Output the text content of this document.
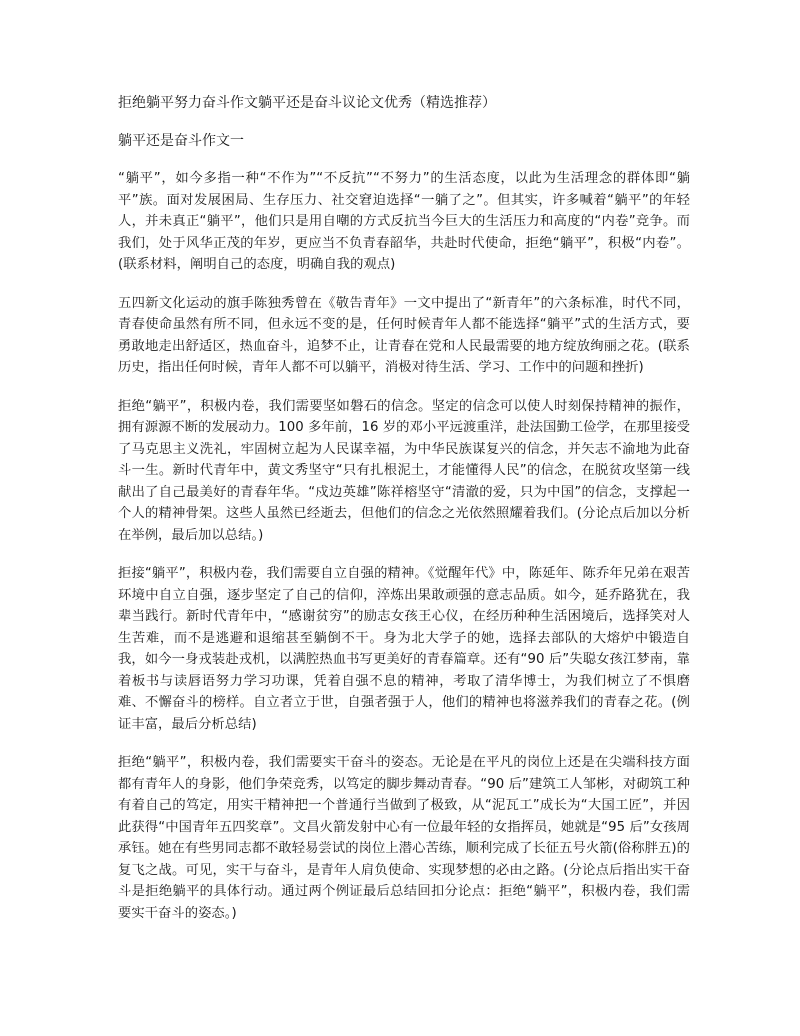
拒绝躺平努力奋斗作文躺平还是奋斗议论文优秀（精选推荐）
躺平还是奋斗作文一

“躺平”，如今多指一种“不作为”“不反抗”“不努力”的生活态度，以此为生活理念的群体即“躺平”族。面对发展困局、生存压力、社交窘迫选择“一躺了之”。但其实，许多喊着“躺平”的年轻人，并未真正“躺平”，他们只是用自嘲的方式反抗当今巨大的生活压力和高度的“内卷”竞争。而我们，处于风华正茂的年岁，更应当不负青春韶华，共赴时代使命，拒绝“躺平”，积极“内卷”。(联系材料，阐明自己的态度，明确自我的观点)

五四新文化运动的旗手陈独秀曾在《敬告青年》一文中提出了“新青年”的六条标准，时代不同，青春使命虽然有所不同，但永远不变的是，任何时候青年人都不能选择“躺平”式的生活方式，要勇敢地走出舒适区，热血奋斗，追梦不止，让青春在党和人民最需要的地方绽放绚丽之花。(联系历史，指出任何时候，青年人都不可以躺平，消极对待生活、学习、工作中的问题和挫折)

拒绝“躺平”，积极内卷，我们需要坚如磐石的信念。坚定的信念可以使人时刻保持精神的振作，拥有源源不断的发展动力。100 多年前，16 岁的邓小平远渡重洋，赴法国勤工俭学，在那里接受了马克思主义洗礼，牢固树立起为人民谋幸福，为中华民族谋复兴的信念，并矢志不渝地为此奋斗一生。新时代青年中，黄文秀坚守“只有扎根泥土，才能懂得人民”的信念，在脱贫攻坚第一线献出了自己最美好的青春年华。“戍边英雄”陈祥榕坚守“清澈的爱，只为中国”的信念，支撑起一个人的精神骨架。这些人虽然已经逝去，但他们的信念之光依然照耀着我们。(分论点后加以分析在举例，最后加以总结。)

拒接“躺平”，积极内卷，我们需要自立自强的精神。《觉醒年代》中，陈延年、陈乔年兄弟在艰苦环境中自立自强，逐步坚定了自己的信仰，淬炼出果敢顽强的意志品质。如今，延乔路犹在，我辈当践行。新时代青年中，“感谢贫穷”的励志女孩王心仪，在经历种种生活困境后，选择笑对人生苦难，而不是逃避和退缩甚至躺倒不干。身为北大学子的她，选择去部队的大熔炉中锻造自我，如今一身戎装赴戎机，以满腔热血书写更美好的青春篇章。还有“90 后”失聪女孩江梦南，靠着板书与读唇语努力学习功课，凭着自强不息的精神，考取了清华博士，为我们树立了不惧磨难、不懈奋斗的榜样。自立者立于世，自强者强于人，他们的精神也将滋养我们的青春之花。(例证丰富，最后分析总结)

拒绝“躺平”，积极内卷，我们需要实干奋斗的姿态。无论是在平凡的岗位上还是在尖端科技方面都有青年人的身影，他们争荣竞秀，以笃定的脚步舞动青春。“90 后”建筑工人邹彬，对砌筑工种有着自己的笃定，用实干精神把一个普通行当做到了极致，从“泥瓦工”成长为“大国工匠”，并因此获得“中国青年五四奖章”。文昌火箭发射中心有一位最年轻的女指挥员，她就是“95 后”女孩周承钰。她在有些男同志都不敢轻易尝试的岗位上潜心苦练，顺利完成了长征五号火箭(俗称胖五)的复飞之战。可见，实干与奋斗，是青年人肩负使命、实现梦想的必由之路。(分论点后指出实干奋斗是拒绝躺平的具体行动。通过两个例证最后总结回扣分论点：拒绝“躺平”，积极内卷，我们需要实干奋斗的姿态。)
